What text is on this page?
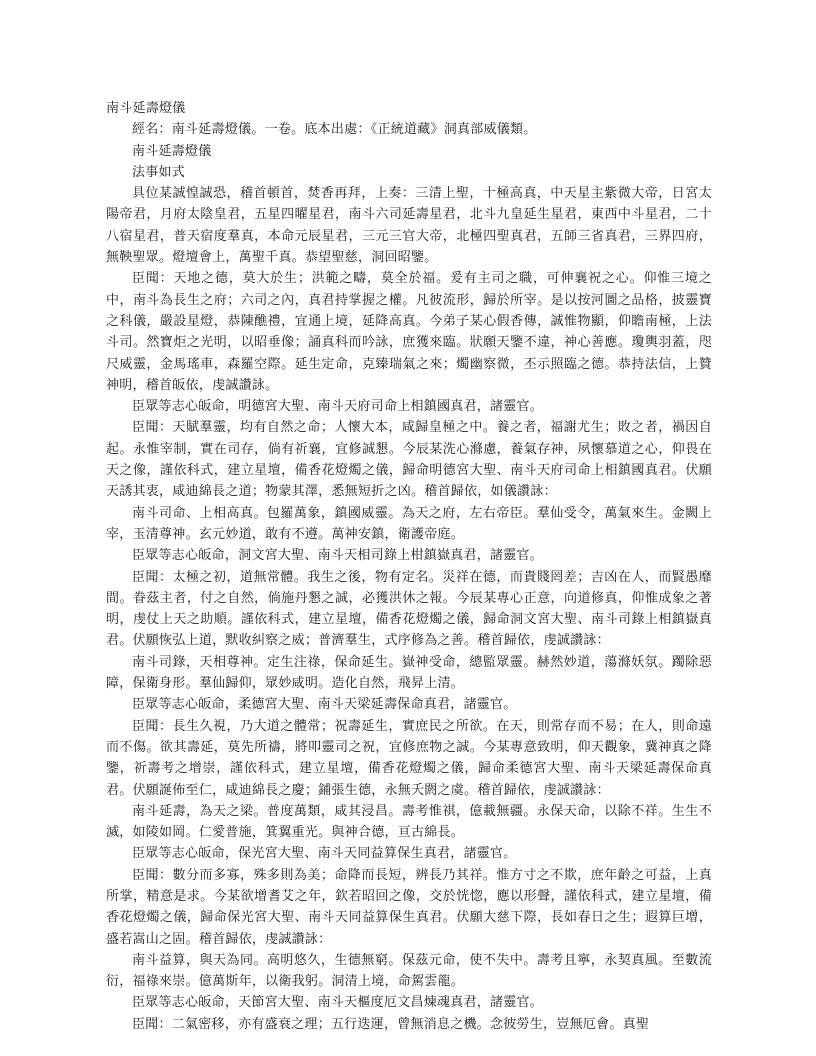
南斗延壽燈儀

經名：南斗延壽燈儀。一卷。底本出處：《正統道藏》洞真部威儀類。

南斗延壽燈儀

法事如式

具位某誠惶誠恐，稽首頓首，焚香再拜，上奏：三清上聖，十極高真，中天星主紫微大帝，日宮太陽帝君，月府太陰皇君，五星四曜星君，南斗六司延壽星君，北斗九皇延生星君，東西中斗星君，二十八宿星君，普天宿度羣真，本命元辰星君，三元三官大帝，北極四聖真君，五師三省真君，三界四府，無鞅聖眾。燈壇會上，萬聖千真。恭望聖慈，洞回昭鑒。

臣聞：天地之德，莫大於生；洪範之疇，莫全於福。爰有主司之職，可伸襄祝之心。仰惟三境之中，南斗為長生之府；六司之內，真君持掌握之權。凡彼流形，歸於所宰。是以按河圖之品格，披靈寶之科儀，嚴設星燈，恭陳醮禮，宜通上境，延降高真。今弟子某心假香傳，誠惟物顯，仰瞻南極，上法斗司。然寶炬之光明，以昭垂像；誦真科而吟詠，庶獲來臨。狀願天鑒不違，神心善應。瓊輿羽蓋，咫尺威靈，金馬瑤車，森羅空際。延生定命，克臻瑞氣之來；燭幽察微，丕示照臨之德。恭持法信，上贊神明，稽首皈依，虔誠讚詠。

臣眾等志心皈命，明德宮大聖、南斗天府司命上相鎮國真君，諸靈官。

臣聞：天賦羣靈，均有自然之命；人懷大本，咸歸皇極之中。養之者，福謝尤生；敗之者，禍因自起。永惟宰制，實在司存，倘有祈襄，宜修誠懇。今辰某洗心滌慮，養氣存神，夙懷慕道之心，仰畏在天之像，謹依科式，建立星壇，備香花燈燭之儀，歸命明德宮大聖、南斗天府司命上相鎮國真君。伏願天誘其衷，咸迪綿長之道；物蒙其澤，悉無短折之凶。稽首歸依，如儀讚詠：

南斗司命、上相高真。包羅萬象，鎮國威靈。為天之府，左右帝臣。羣仙受令，萬氣來生。金闕上宰，玉清尊神。玄元妙道，敢有不遵。萬神安鎮，衛護帝庭。

臣眾等志心皈命，洞文宮大聖、南斗天相司錄上柑鎮嶽真君，諸靈官。

臣聞：太極之初，道無常體。我生之後，物有定名。災祥在德，而貴賤罔差；吉凶在人，而賢愚靡間。眷茲主者，付之自然，倘施丹懇之誠，必獲洪休之報。今辰某專心正意，向道修真，仰惟成象之著明，虔仗上天之助順。謹依科式，建立星壇，備香花燈燭之儀，歸命洞文宮大聖、南斗司錄上相鎮嶽真君。伏願恢弘上道，默收糾察之威；普濟羣生，式序修為之善。稽首歸依，虔誠讚詠：

南斗司錄，天相尊神。定生注祿，保命延生。嶽神受命，總監眾靈。赫然妙道，蕩滌妖氛。躅除惡障，保衛身形。羣仙歸仰，眾妙咸明。造化自然，飛昇上清。

臣眾等志心皈命，柔德宮大聖、南斗天梁延壽保命真君，諸靈官。

臣聞：長生久視，乃大道之體常；祝壽延生，實庶民之所欲。在天，則常存而不易；在人，則命遠而不傷。欲其壽延，莫先所禱，將叩靈司之祝，宜修庶物之誠。今某專意致明，仰天觀象，冀神真之降鑒，祈壽考之增崇，謹依科式，建立星壇，備香花燈燭之儀，歸命柔德宮大聖、南斗天梁延壽保命真君。伏願誕佈至仁，咸迪綿長之慶；鋪張生德，永無夭閼之虞。稽首歸依，虔誠讚詠：

南斗延壽，為天之梁。普度萬類，咸其浸昌。壽考惟祺，億載無疆。永保天命，以除不祥。生生不滅，如陵如岡。仁愛普施，箕翼重光。與神合德，亘古綿長。

臣眾等志心皈命，保光宮大聖、南斗天同益算保生真君，諸靈官。

臣聞：數分而多寡，殊多則為美；命降而長短，辨長乃其祥。惟方寸之不欺，庶年齡之可益，上真所掌，精意是求。今某欲增耆艾之年，欽若昭回之像，交於恍惚，應以形聲，謹依科式，建立星壇，備香花燈燭之儀，歸命保光宮大聖、南斗天同益算保生真君。伏願大慈下際，長如春日之生；遐算巨增，盛若嵩山之固。稽首歸依，虔誠讚詠：

南斗益算，與天為同。高明悠久，生德無窮。保茲元命，使不失中。壽考且寧，永契真風。至數流衍，福祿來崇。億萬斯年，以衛我躬。洞清上境，命駕雲龍。

臣眾等志心皈命，天節宮大聖、南斗天樞度厄文昌煉魂真君，諸靈官。

臣聞：二氣密移，亦有盛衰之理；五行迭運，曾無消息之機。念彼勞生，豈無厄會。真聖
